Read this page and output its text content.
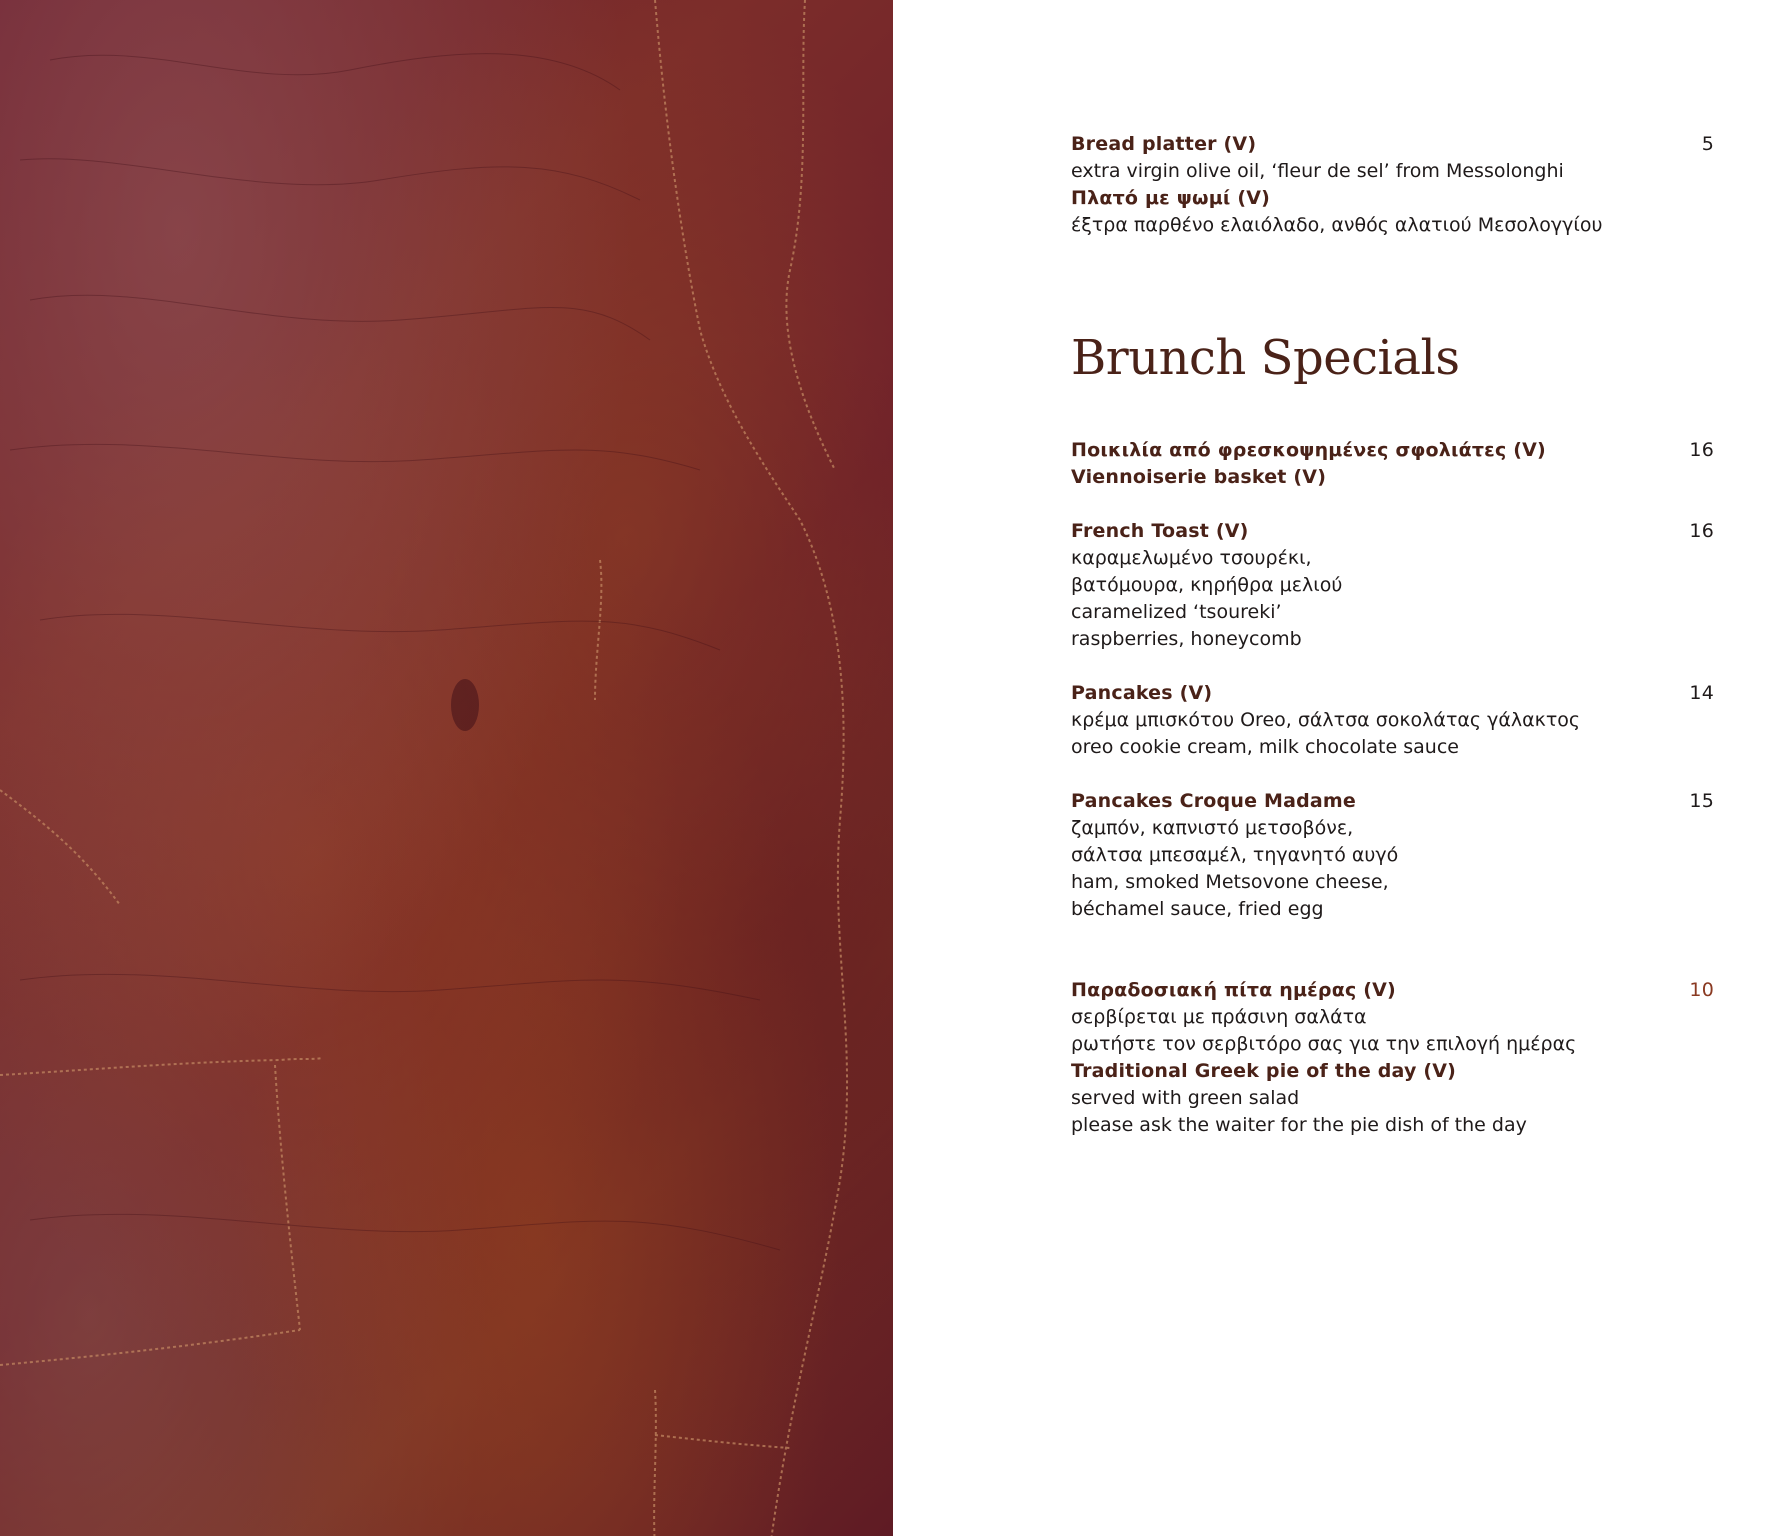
Bread platter (V)	5
extra virgin olive oil, ‘fleur de sel’ from Messolonghi
Πλατό με ψωμί (V)
έξτρα παρθένο ελαιόλαδο, ανθός αλατιού Μεσολογγίου
Brunch Specials
Ποικιλία από φρεσκοψημένες σφολιάτες (V)	16
Viennoiserie basket (V)
French Toast (V)	16
καραμελωμένο τσουρέκι,
βατόμουρα, κηρήθρα μελιού
caramelized ‘tsoureki’
raspberries, honeycomb
Pancakes (V)	14
κρέμα μπισκότου Oreo, σάλτσα σοκολάτας γάλακτος
oreo cookie cream, milk chocolate sauce
Pancakes Croque Madame	15
ζαμπόν, καπνιστό μετσοβόνε,
σάλτσα μπεσαμέλ, τηγανητό αυγό
ham, smoked Metsovone cheese,
béchamel sauce, fried egg
Παραδοσιακή πίτα ημέρας (V)	10
σερβίρεται με πράσινη σαλάτα
ρωτήστε τον σερβιτόρο σας για την επιλογή ημέρας
Traditional Greek pie of the day (V)
served with green salad
please ask the waiter for the pie dish of the day
